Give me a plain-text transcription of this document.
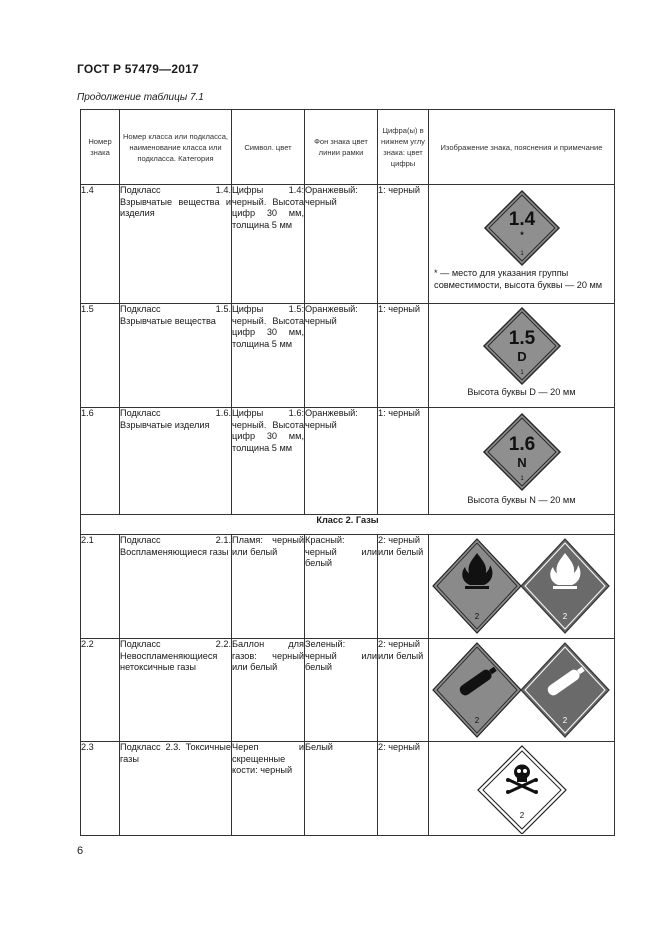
ГОСТ Р 57479—2017
Продолжение таблицы 7.1
Номер знака	Номер класса или подкласса, наименование класса или подкласса. Категория	Символ. цвет	Фон знака цвет линии рамки	Цифра(ы) в нижнем углу знака: цвет цифры	Изображение знака, пояснения и примечание
1.4	Подкласс 1.4. Взрывчатые вещества и изделия	Цифры 1.4: черный. Высота цифр 30 мм, толщина 5 мм	Оранжевый: черный	1: черный	1.4
*
1
* — место для указания группы совместимости, высота буквы — 20 мм

1.5	Подкласс 1.5. Взрывчатые вещества	Цифры 1.5: черный. Высота цифр 30 мм, толщина 5 мм	Оранжевый: черный	1: черный	1.5
D
1
Высота буквы D — 20 мм

1.6	Подкласс 1.6. Взрывчатые изделия	Цифры 1.6: черный. Высота цифр 30 мм, толщина 5 мм	Оранжевый: черный	1: черный	1.6
N
1
Высота буквы N — 20 мм

Класс 2. Газы					
2.1	Подкласс 2.1. Воспламеняющиеся газы	Пламя: черный или белый	Красный: черный или белый	2: черный или белый	2 2

2.2	Подкласс 2.2. Невоспламеняющиеся нетоксичные газы	Баллон для газов: черный или белый	Зеленый: черный или белый	2: черный или белый	2 2

2.3	Подкласс 2.3. Токсичные газы	Череп и скрещенные кости: черный	Белый	2: черный	2
6
